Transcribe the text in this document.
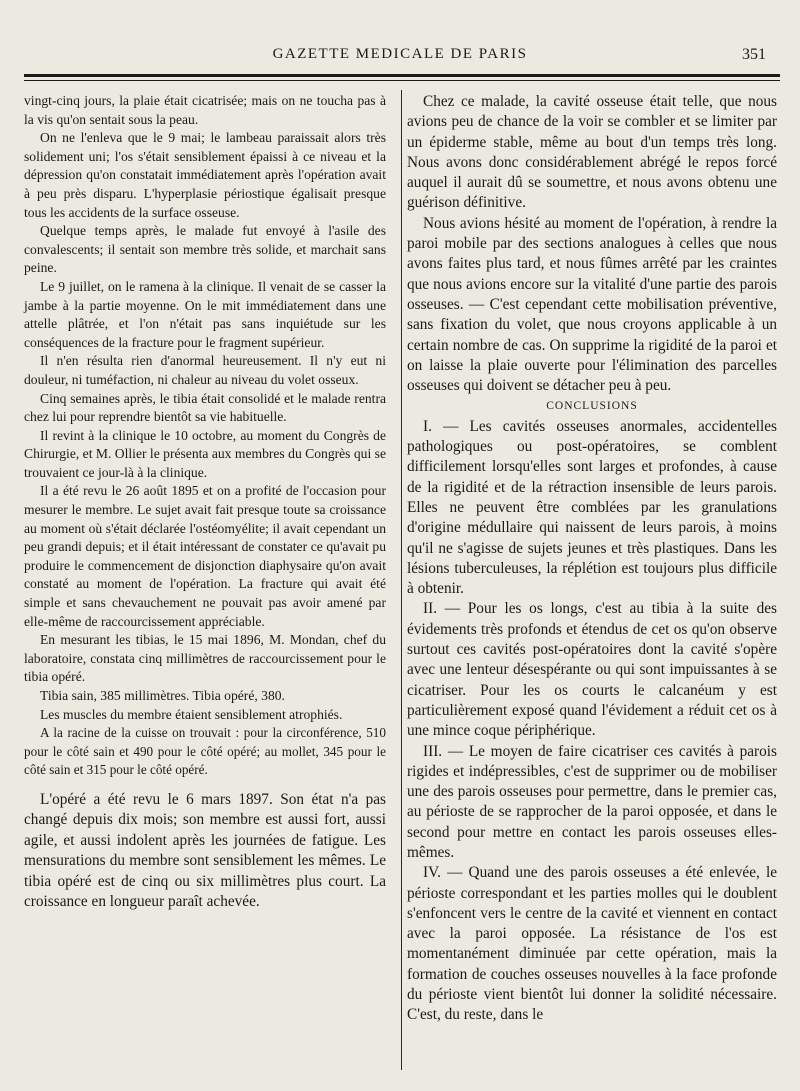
GAZETTE MEDICALE DE PARIS	351

vingt-cinq jours, la plaie était cicatrisée; mais on ne toucha pas à la vis qu'on sentait sous la peau.

On ne l'enleva que le 9 mai; le lambeau paraissait alors très solidement uni; l'os s'était sensiblement épaissi à ce niveau et la dépression qu'on constatait immédiatement après l'opération avait à peu près disparu. L'hyperplasie périostique égalisait presque tous les accidents de la surface osseuse.

Quelque temps après, le malade fut envoyé à l'asile des convalescents; il sentait son membre très solide, et marchait sans peine.

Le 9 juillet, on le ramena à la clinique. Il venait de se casser la jambe à la partie moyenne. On le mit immédiatement dans une attelle plâtrée, et l'on n'était pas sans inquiétude sur les conséquences de la fracture pour le fragment supérieur.

Il n'en résulta rien d'anormal heureusement. Il n'y eut ni douleur, ni tuméfaction, ni chaleur au niveau du volet osseux.

Cinq semaines après, le tibia était consolidé et le malade rentra chez lui pour reprendre bientôt sa vie habituelle.

Il revint à la clinique le 10 octobre, au moment du Congrès de Chirurgie, et M. Ollier le présenta aux membres du Congrès qui se trouvaient ce jour-là à la clinique.

Il a été revu le 26 août 1895 et on a profité de l'occasion pour mesurer le membre. Le sujet avait fait presque toute sa croissance au moment où s'était déclarée l'ostéomyélite; il avait cependant un peu grandi depuis; et il était intéressant de constater ce qu'avait pu produire le commencement de disjonction diaphysaire qu'on avait constaté au moment de l'opération. La fracture qui avait été simple et sans chevauchement ne pouvait pas avoir amené par elle-même de raccourcissement appréciable.

En mesurant les tibias, le 15 mai 1896, M. Mondan, chef du laboratoire, constata cinq millimètres de raccourcissement pour le tibia opéré.

Tibia sain, 385 millimètres. Tibia opéré, 380.

Les muscles du membre étaient sensiblement atrophiés.

A la racine de la cuisse on trouvait : pour la circonférence, 510 pour le côté sain et 490 pour le côté opéré; au mollet, 345 pour le côté sain et 315 pour le côté opéré.

L'opéré a été revu le 6 mars 1897. Son état n'a pas changé depuis dix mois; son membre est aussi fort, aussi agile, et aussi indolent après les journées de fatigue. Les mensurations du membre sont sensiblement les mêmes. Le tibia opéré est de cinq ou six millimètres plus court. La croissance en longueur paraît achevée.

Chez ce malade, la cavité osseuse était telle, que nous avions peu de chance de la voir se combler et se limiter par un épiderme stable, même au bout d'un temps très long. Nous avons donc considérablement abrégé le repos forcé auquel il aurait dû se soumettre, et nous avons obtenu une guérison définitive.

Nous avions hésité au moment de l'opération, à rendre la paroi mobile par des sections analogues à celles que nous avons faites plus tard, et nous fûmes arrêté par les craintes que nous avions encore sur la vitalité d'une partie des parois osseuses. — C'est cependant cette mobilisation préventive, sans fixation du volet, que nous croyons applicable à un certain nombre de cas. On supprime la rigidité de la paroi et on laisse la plaie ouverte pour l'élimination des parcelles osseuses qui doivent se détacher peu à peu.

CONCLUSIONS

I. — Les cavités osseuses anormales, accidentelles pathologiques ou post-opératoires, se comblent difficilement lorsqu'elles sont larges et profondes, à cause de la rigidité et de la rétraction insensible de leurs parois. Elles ne peuvent être comblées par les granulations d'origine médullaire qui naissent de leurs parois, à moins qu'il ne s'agisse de sujets jeunes et très plastiques. Dans les lésions tuberculeuses, la réplétion est toujours plus difficile à obtenir.

II. — Pour les os longs, c'est au tibia à la suite des évidements très profonds et étendus de cet os qu'on observe surtout ces cavités post-opératoires dont la cavité s'opère avec une lenteur désespérante ou qui sont impuissantes à se cicatriser. Pour les os courts le calcanéum y est particulièrement exposé quand l'évidement a réduit cet os à une mince coque périphérique.

III. — Le moyen de faire cicatriser ces cavités à parois rigides et indépressibles, c'est de supprimer ou de mobiliser une des parois osseuses pour permettre, dans le premier cas, au périoste de se rapprocher de la paroi opposée, et dans le second pour mettre en contact les parois osseuses elles-mêmes.

IV. — Quand une des parois osseuses a été enlevée, le périoste correspondant et les parties molles qui le doublent s'enfoncent vers le centre de la cavité et viennent en contact avec la paroi opposée. La résistance de l'os est momentanément diminuée par cette opération, mais la formation de couches osseuses nouvelles à la face profonde du périoste vient bientôt lui donner la solidité nécessaire. C'est, du reste, dans le
